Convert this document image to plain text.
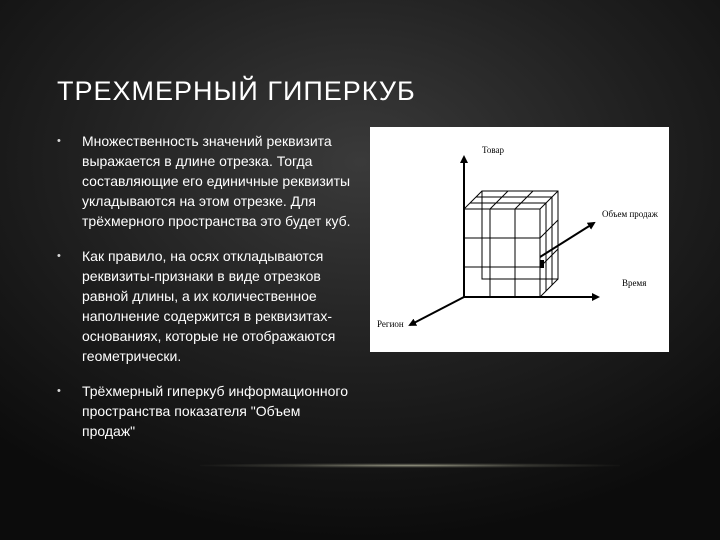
ТРЕХМЕРНЫЙ ГИПЕРКУБ
•	Множественность значений реквизита выражается в длине отрезка. Тогда составляющие его единичные реквизиты укладываются на этом отрезке. Для трёхмерного пространства это будет куб.
•	Как правило, на осях откладываются реквизиты-признаки в виде отрезков равной длины, а их количественное наполнение содержится в реквизитах-основаниях, которые не отображаются геометрически.
•	Трёхмерный гиперкуб информационного пространства показателя "Объем продаж"
Товар
Объем продаж
Время
Регион
